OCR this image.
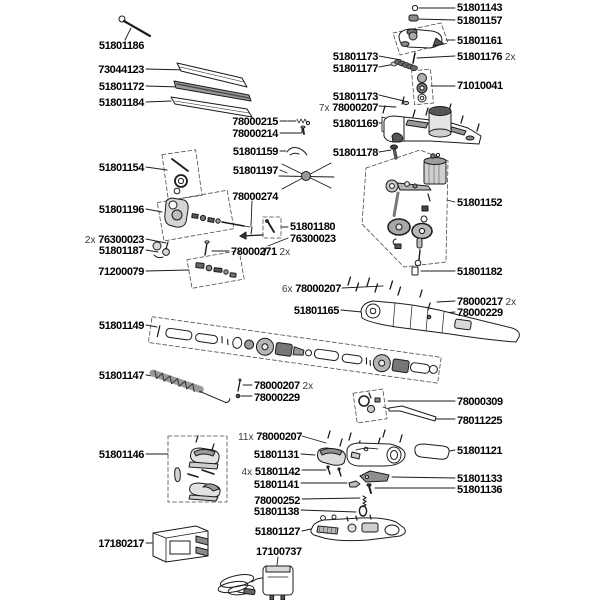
51801186
73044123
51801172
51801184
51801154
51801196
2x 76300023
51801187
71200079
51801149
51801147
51801146
17180217
78000215
78000214
51801159
51801197
78000274
51801180
76300023
78000271 2x
6x 78000207
51801165
78000207 2x
78000229
11x 78000207
51801131
4x 51801142
51801141
78000252
51801138
51801127
17100737
51801173
51801177
51801173
7x 78000207
51801169
51801178
51801143
51801157
51801161
51801176 2x
71010041
51801152
51801182
78000217 2x
78000229
78000309
78011225
51801121
51801133
51801136
